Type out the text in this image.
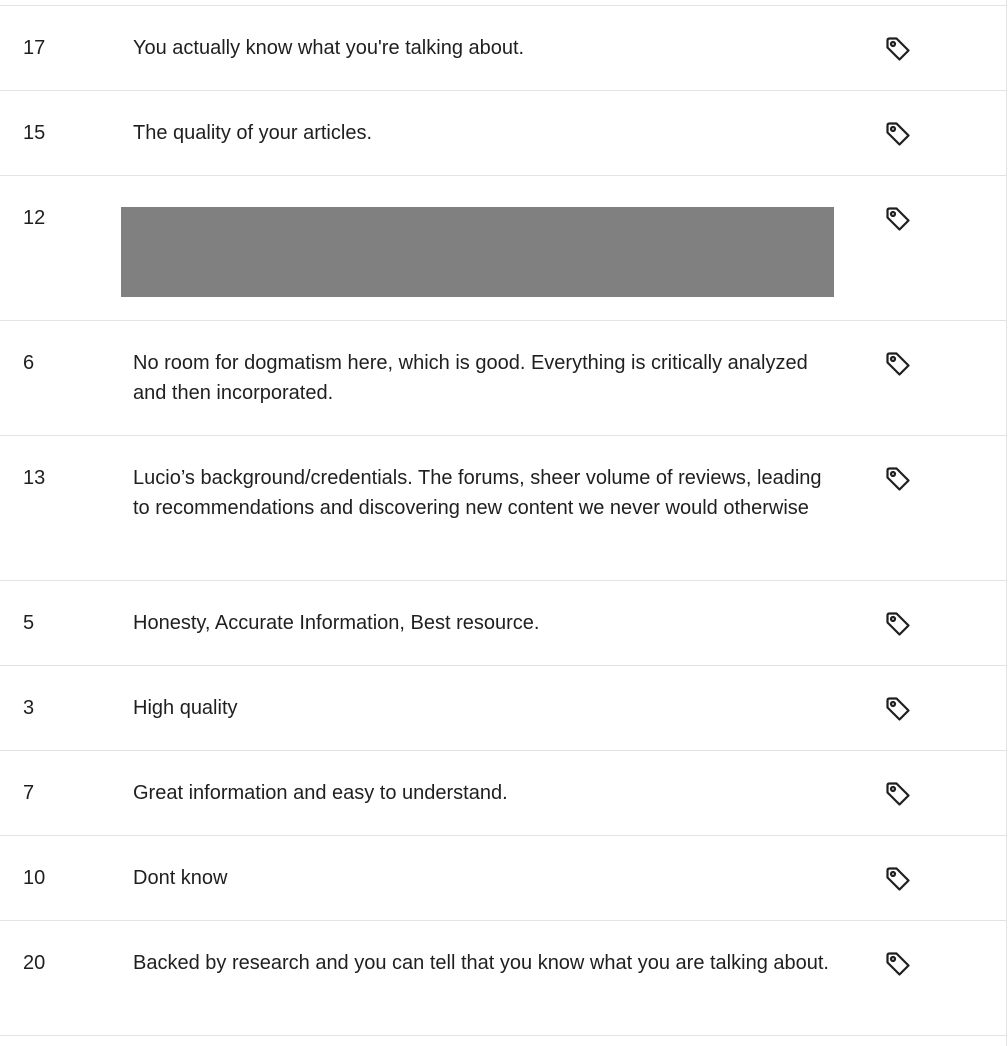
17	You actually know what you're talking about.
15	The quality of your articles.
12
6	No room for dogmatism here, which is good. Everything is critically analyzed and then incorporated.
13	Lucio’s background/credentials. The forums, sheer volume of reviews, leading to recommendations and discovering new content we never would otherwise
5	Honesty, Accurate Information, Best resource.
3	High quality
7	Great information and easy to understand.
10	Dont know
20	Backed by research and you can tell that you know what you are talking about.
